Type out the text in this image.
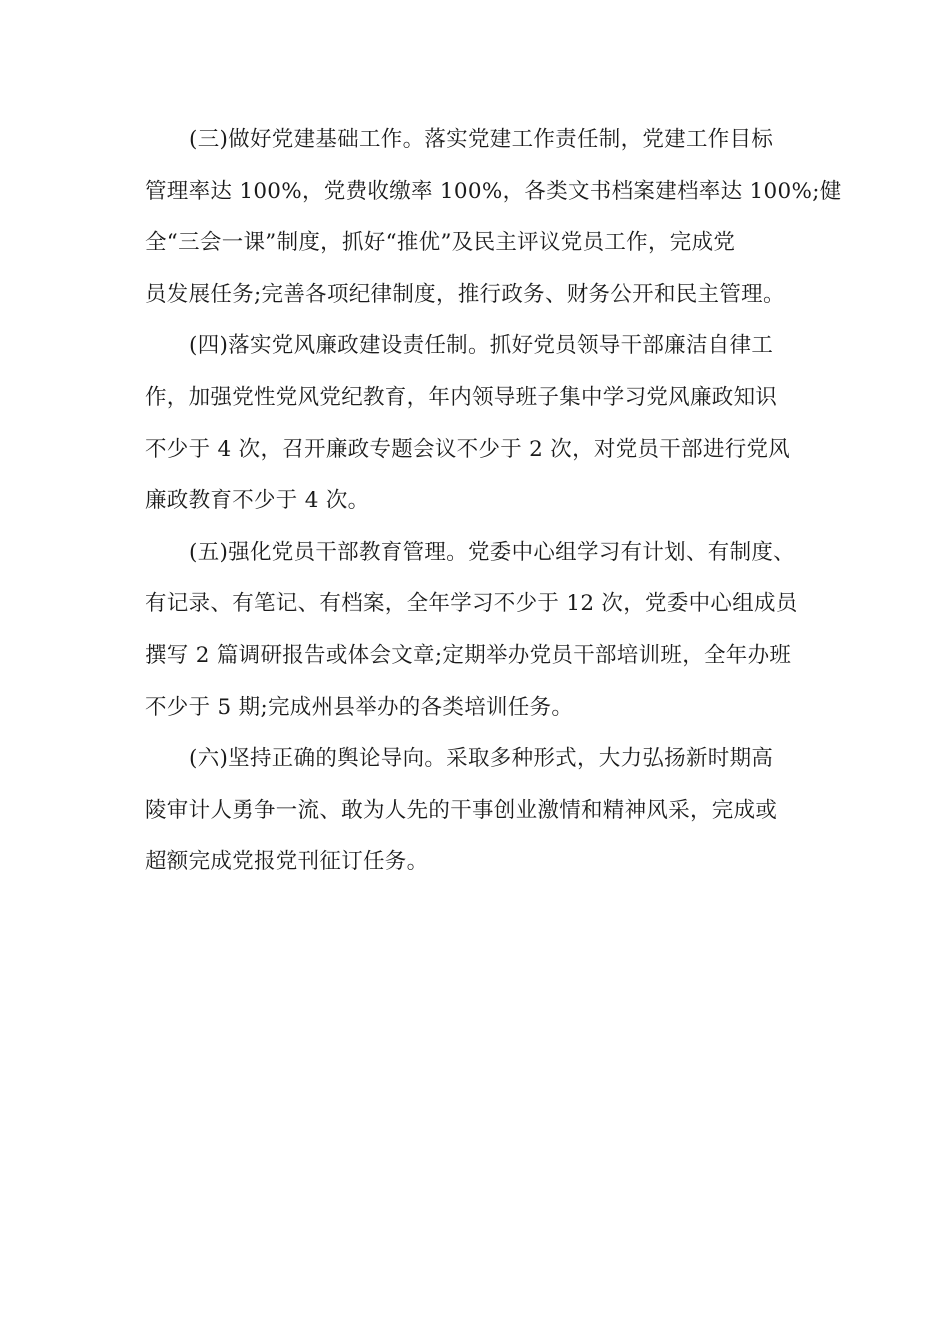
(三)做好党建基础工作。落实党建工作责任制，党建工作目标
管理率达 100%，党费收缴率 100%，各类文书档案建档率达 100%;健
全“三会一课”制度，抓好“推优”及民主评议党员工作，完成党
员发展任务;完善各项纪律制度，推行政务、财务公开和民主管理。
(四)落实党风廉政建设责任制。抓好党员领导干部廉洁自律工
作，加强党性党风党纪教育，年内领导班子集中学习党风廉政知识
不少于 4 次，召开廉政专题会议不少于 2 次，对党员干部进行党风
廉政教育不少于 4 次。
(五)强化党员干部教育管理。党委中心组学习有计划、有制度、
有记录、有笔记、有档案，全年学习不少于 12 次，党委中心组成员
撰写 2 篇调研报告或体会文章;定期举办党员干部培训班，全年办班
不少于 5 期;完成州县举办的各类培训任务。
(六)坚持正确的舆论导向。采取多种形式，大力弘扬新时期高
陵审计人勇争一流、敢为人先的干事创业激情和精神风采，完成或
超额完成党报党刊征订任务。
